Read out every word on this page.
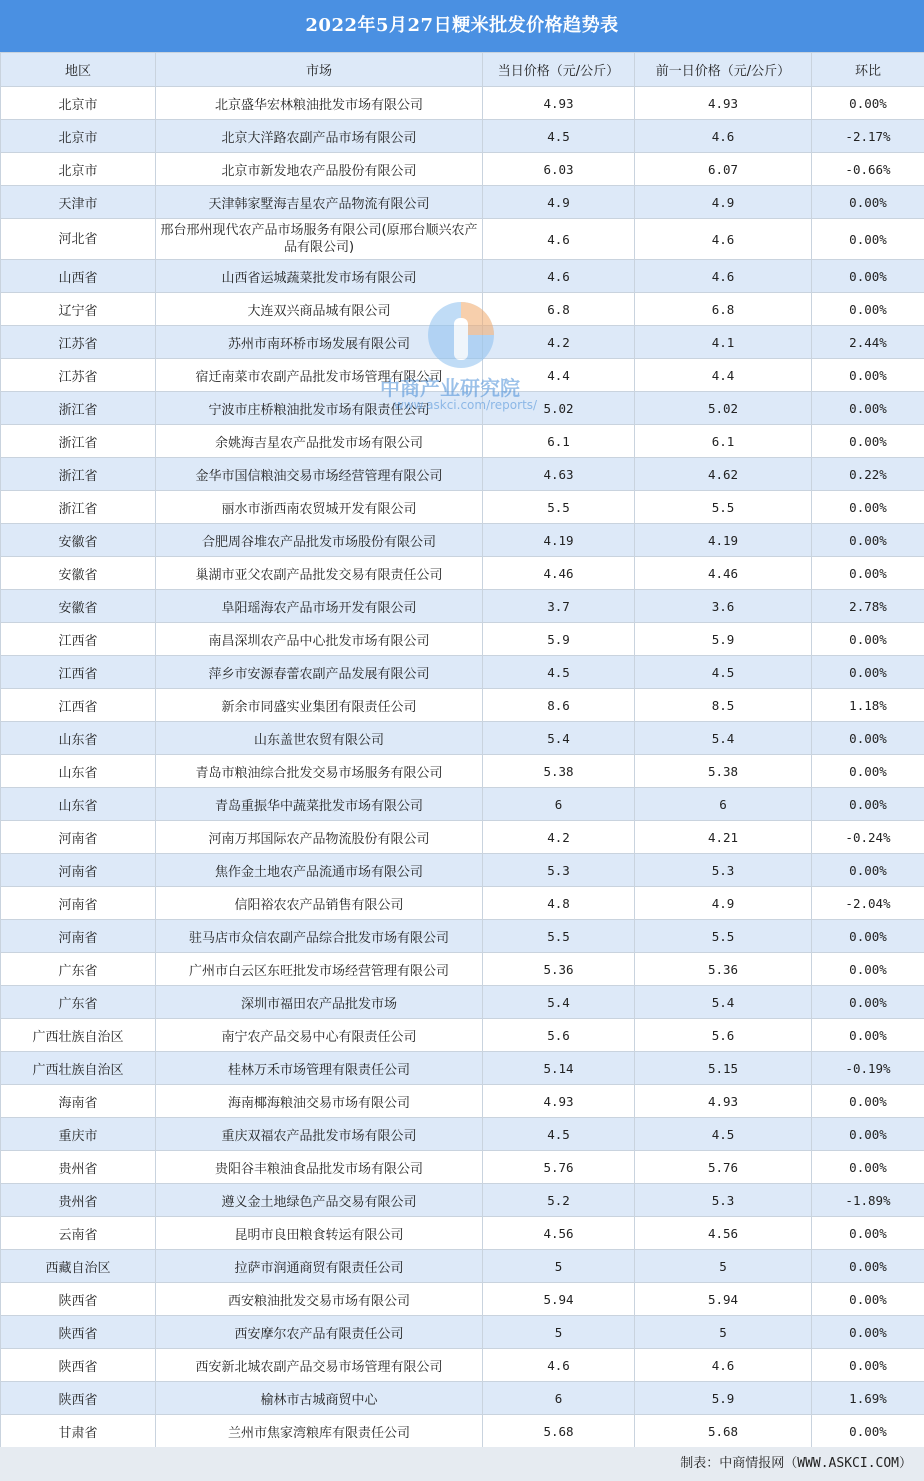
2022年5月27日粳米批发价格趋势表
地区	市场	当日价格（元/公斤）	前一日价格（元/公斤）	环比
北京市	北京盛华宏林粮油批发市场有限公司	4.93	4.93	0.00%
北京市	北京大洋路农副产品市场有限公司	4.5	4.6	-2.17%
北京市	北京市新发地农产品股份有限公司	6.03	6.07	-0.66%
天津市	天津韩家墅海吉星农产品物流有限公司	4.9	4.9	0.00%
河北省	邢台邢州现代农产品市场服务有限公司(原邢台顺兴农产品有限公司)	4.6	4.6	0.00%
山西省	山西省运城蔬菜批发市场有限公司	4.6	4.6	0.00%
辽宁省	大连双兴商品城有限公司	6.8	6.8	0.00%
江苏省	苏州市南环桥市场发展有限公司	4.2	4.1	2.44%
江苏省	宿迁南菜市农副产品批发市场管理有限公司	4.4	4.4	0.00%
浙江省	宁波市庄桥粮油批发市场有限责任公司	5.02	5.02	0.00%
浙江省	余姚海吉星农产品批发市场有限公司	6.1	6.1	0.00%
浙江省	金华市国信粮油交易市场经营管理有限公司	4.63	4.62	0.22%
浙江省	丽水市浙西南农贸城开发有限公司	5.5	5.5	0.00%
安徽省	合肥周谷堆农产品批发市场股份有限公司	4.19	4.19	0.00%
安徽省	巢湖市亚父农副产品批发交易有限责任公司	4.46	4.46	0.00%
安徽省	阜阳瑶海农产品市场开发有限公司	3.7	3.6	2.78%
江西省	南昌深圳农产品中心批发市场有限公司	5.9	5.9	0.00%
江西省	萍乡市安源春蕾农副产品发展有限公司	4.5	4.5	0.00%
江西省	新余市同盛实业集团有限责任公司	8.6	8.5	1.18%
山东省	山东盖世农贸有限公司	5.4	5.4	0.00%
山东省	青岛市粮油综合批发交易市场服务有限公司	5.38	5.38	0.00%
山东省	青岛重振华中蔬菜批发市场有限公司	6	6	0.00%
河南省	河南万邦国际农产品物流股份有限公司	4.2	4.21	-0.24%
河南省	焦作金土地农产品流通市场有限公司	5.3	5.3	0.00%
河南省	信阳裕农农产品销售有限公司	4.8	4.9	-2.04%
河南省	驻马店市众信农副产品综合批发市场有限公司	5.5	5.5	0.00%
广东省	广州市白云区东旺批发市场经营管理有限公司	5.36	5.36	0.00%
广东省	深圳市福田农产品批发市场	5.4	5.4	0.00%
广西壮族自治区	南宁农产品交易中心有限责任公司	5.6	5.6	0.00%
广西壮族自治区	桂林万禾市场管理有限责任公司	5.14	5.15	-0.19%
海南省	海南椰海粮油交易市场有限公司	4.93	4.93	0.00%
重庆市	重庆双福农产品批发市场有限公司	4.5	4.5	0.00%
贵州省	贵阳谷丰粮油食品批发市场有限公司	5.76	5.76	0.00%
贵州省	遵义金土地绿色产品交易有限公司	5.2	5.3	-1.89%
云南省	昆明市良田粮食转运有限公司	4.56	4.56	0.00%
西藏自治区	拉萨市润通商贸有限责任公司	5	5	0.00%
陕西省	西安粮油批发交易市场有限公司	5.94	5.94	0.00%
陕西省	西安摩尔农产品有限责任公司	5	5	0.00%
陕西省	西安新北城农副产品交易市场管理有限公司	4.6	4.6	0.00%
陕西省	榆林市古城商贸中心	6	5.9	1.69%
甘肃省	兰州市焦家湾粮库有限责任公司	5.68	5.68	0.00%
中商产业研究院
www.askci.com/reports/
制表：中商情报网（WWW.ASKCI.COM）
